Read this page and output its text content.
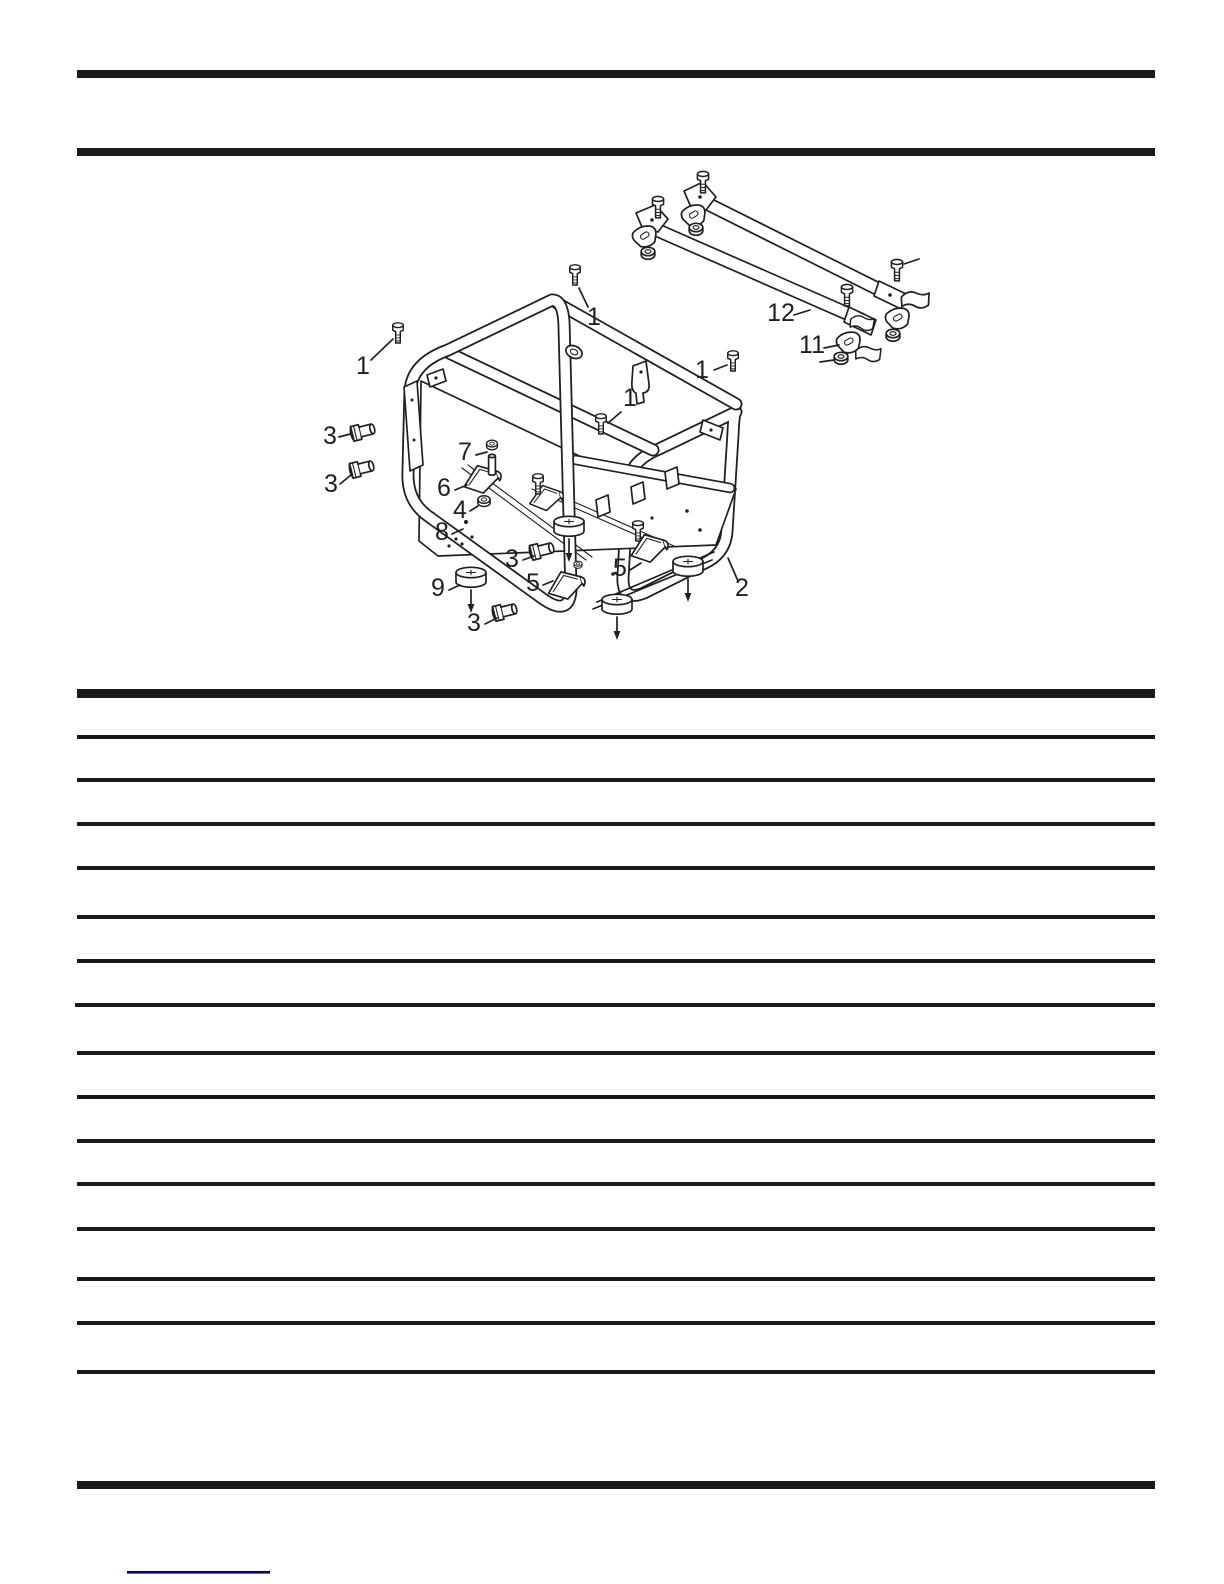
1
1	1
1
2
3
3
3
3
4
5
5
6
7
8
9
11
12
